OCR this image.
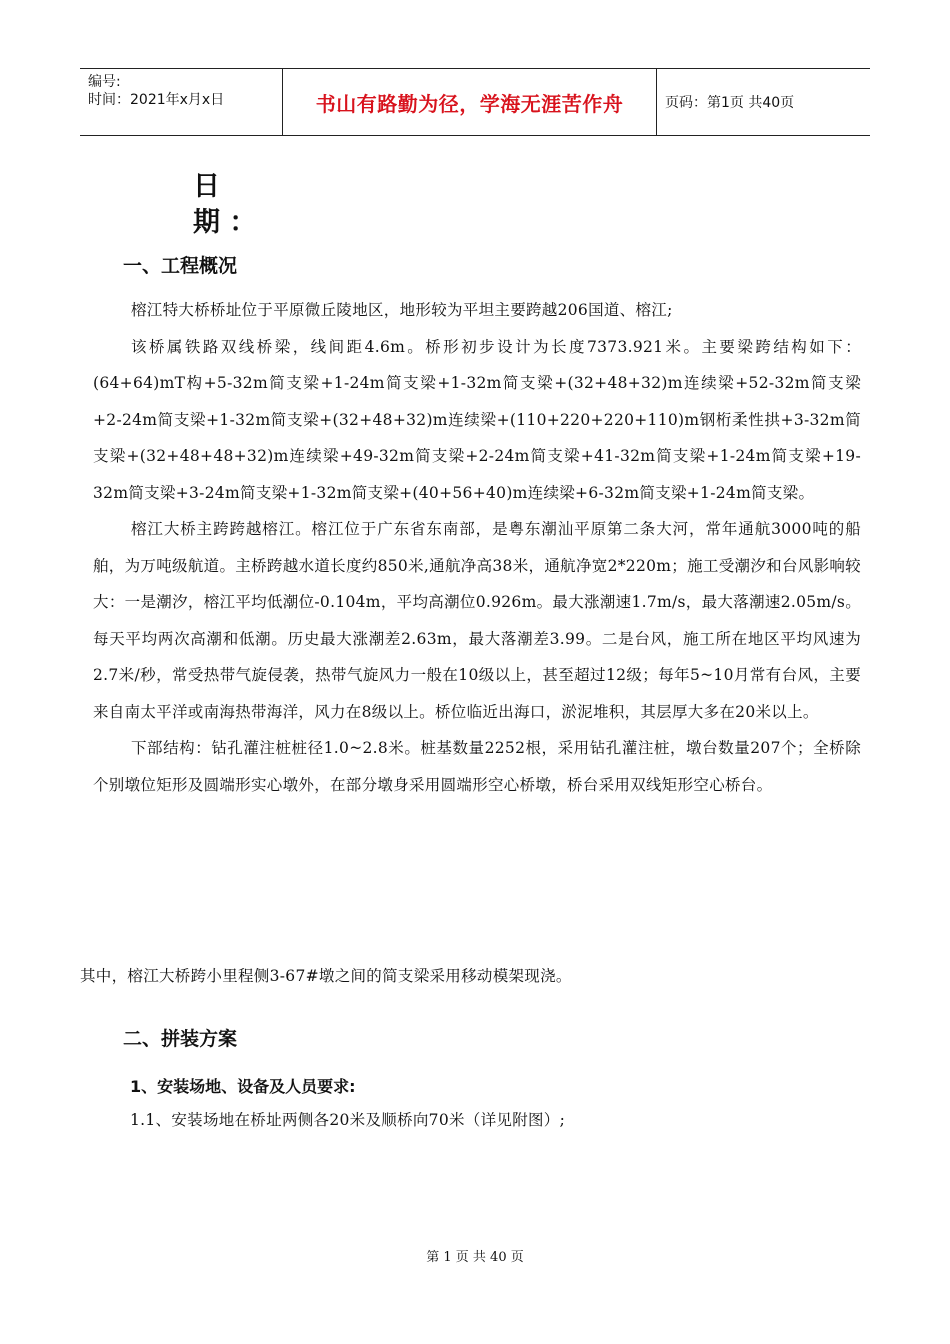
编号:
时间：2021年x月x日	书山有路勤为径，学海无涯苦作舟	页码：第1页 共40页
日
期 ：
一、工程概况

榕江特大桥桥址位于平原微丘陵地区，地形较为平坦主要跨越206国道、榕江;

该桥属铁路双线桥梁，线间距4.6m。桥形初步设计为长度7373.921米。主要梁跨结构如下：(64+64)mT构+5-32m简支梁+1-24m简支梁+1-32m简支梁+(32+48+32)m连续梁+52-32m简支梁+2-24m简支梁+1-32m简支梁+(32+48+32)m连续梁+(110+220+220+110)m钢桁柔性拱+3-32m简支梁+(32+48+48+32)m连续梁+49-32m简支梁+2-24m简支梁+41-32m简支梁+1-24m简支梁+19-32m简支梁+3-24m简支梁+1-32m简支梁+(40+56+40)m连续梁+6-32m简支梁+1-24m简支梁。

榕江大桥主跨跨越榕江。榕江位于广东省东南部，是粤东潮汕平原第二条大河，常年通航3000吨的船舶，为万吨级航道。主桥跨越水道长度约850米,通航净高38米，通航净宽2*220m；施工受潮汐和台风影响较大：一是潮汐，榕江平均低潮位-0.104m，平均高潮位0.926m。最大涨潮速1.7m/s，最大落潮速2.05m/s。每天平均两次高潮和低潮。历史最大涨潮差2.63m，最大落潮差3.99。二是台风，施工所在地区平均风速为2.7米/秒，常受热带气旋侵袭，热带气旋风力一般在10级以上，甚至超过12级；每年5~10月常有台风，主要来自南太平洋或南海热带海洋，风力在8级以上。桥位临近出海口，淤泥堆积，其层厚大多在20米以上。

下部结构：钻孔灌注桩桩径1.0~2.8米。桩基数量2252根，采用钻孔灌注桩，墩台数量207个；全桥除个别墩位矩形及圆端形实心墩外，在部分墩身采用圆端形空心桥墩，桥台采用双线矩形空心桥台。

其中，榕江大桥跨小里程侧3-67#墩之间的简支梁采用移动模架现浇。

二、拼装方案
1、安装场地、设备及人员要求:

1.1、安装场地在桥址两侧各20米及顺桥向70米（详见附图）;

第 1 页 共 40 页
